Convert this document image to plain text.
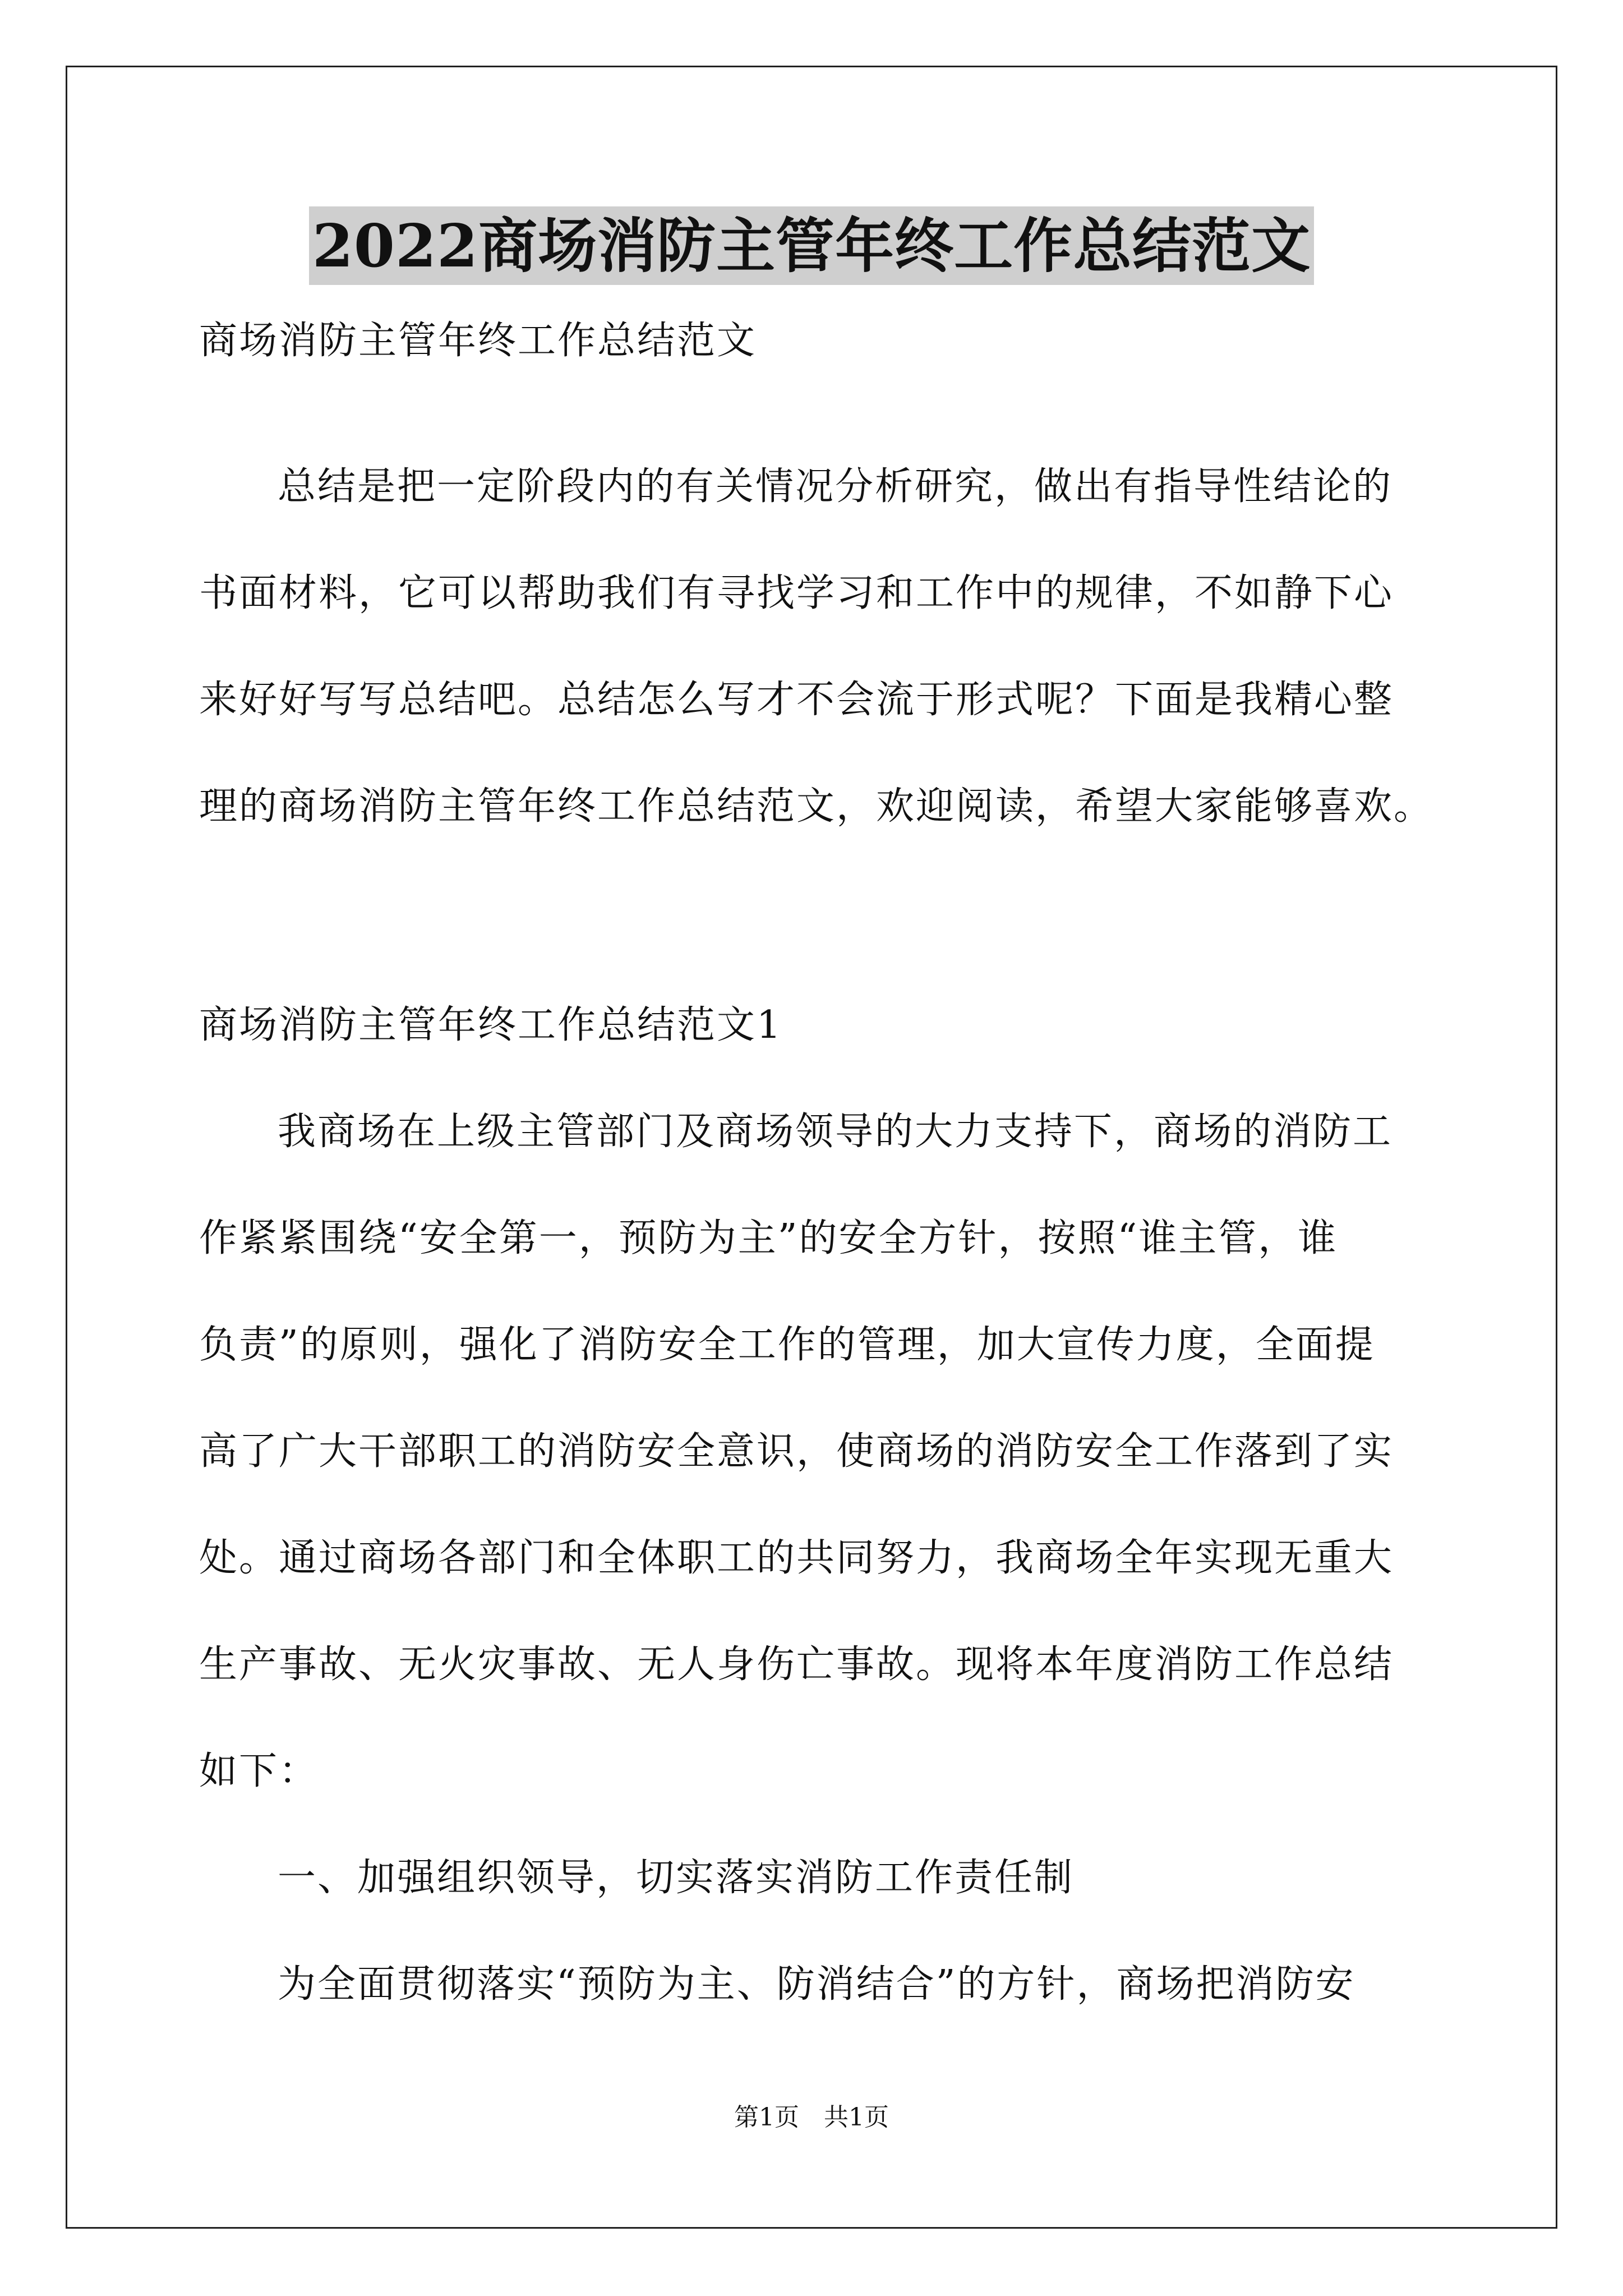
2022商场消防主管年终工作总结范文
商场消防主管年终工作总结范文
总结是把一定阶段内的有关情况分析研究，做出有指导性结论的
书面材料，它可以帮助我们有寻找学习和工作中的规律，不如静下心
来好好写写总结吧。总结怎么写才不会流于形式呢？下面是我精心整
理的商场消防主管年终工作总结范文，欢迎阅读，希望大家能够喜欢。
商场消防主管年终工作总结范文1
我商场在上级主管部门及商场领导的大力支持下，商场的消防工
作紧紧围绕“安全第一，预防为主”的安全方针，按照“谁主管，谁
负责”的原则，强化了消防安全工作的管理，加大宣传力度，全面提
高了广大干部职工的消防安全意识，使商场的消防安全工作落到了实
处。通过商场各部门和全体职工的共同努力，我商场全年实现无重大
生产事故、无火灾事故、无人身伤亡事故。现将本年度消防工作总结
如下：
一、加强组织领导，切实落实消防工作责任制
为全面贯彻落实“预防为主、防消结合”的方针，商场把消防安
第1页　共1页
